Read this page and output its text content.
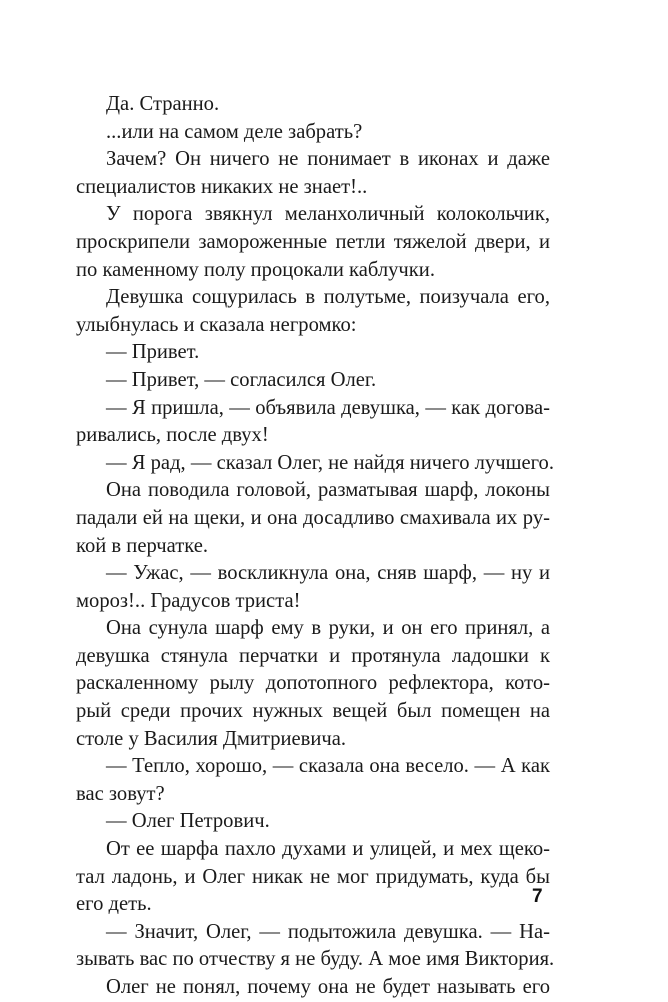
Да. Странно.
...или на самом деле забрать?
Зачем? Он ничего не понимает в иконах и даже
специалистов никаких не знает!..
У порога звякнул меланхоличный колокольчик,
проскрипели замороженные петли тяжелой двери, и
по каменному полу процокали каблучки.
Девушка сощурилась в полутьме, поизучала его,
улыбнулась и сказала негромко:
— Привет.
— Привет, — согласился Олег.
— Я пришла, — объявила девушка, — как догова-
ривались, после двух!
— Я рад, — сказал Олег, не найдя ничего лучшего.
Она поводила головой, разматывая шарф, локоны
падали ей на щеки, и она досадливо смахивала их ру-
кой в перчатке.
— Ужас, — воскликнула она, сняв шарф, — ну и
мороз!.. Градусов триста!
Она сунула шарф ему в руки, и он его принял, а
девушка стянула перчатки и протянула ладошки к
раскаленному рылу допотопного рефлектора, кото-
рый среди прочих нужных вещей был помещен на
столе у Василия Дмитриевича.
— Тепло, хорошо, — сказала она весело. — А как
вас зовут?
— Олег Петрович.
От ее шарфа пахло духами и улицей, и мех щеко-
тал ладонь, и Олег никак не мог придумать, куда бы
его деть.
— Значит, Олег, — подытожила девушка. — На-
зывать вас по отчеству я не буду. А мое имя Виктория.
Олег не понял, почему она не будет называть его
7
